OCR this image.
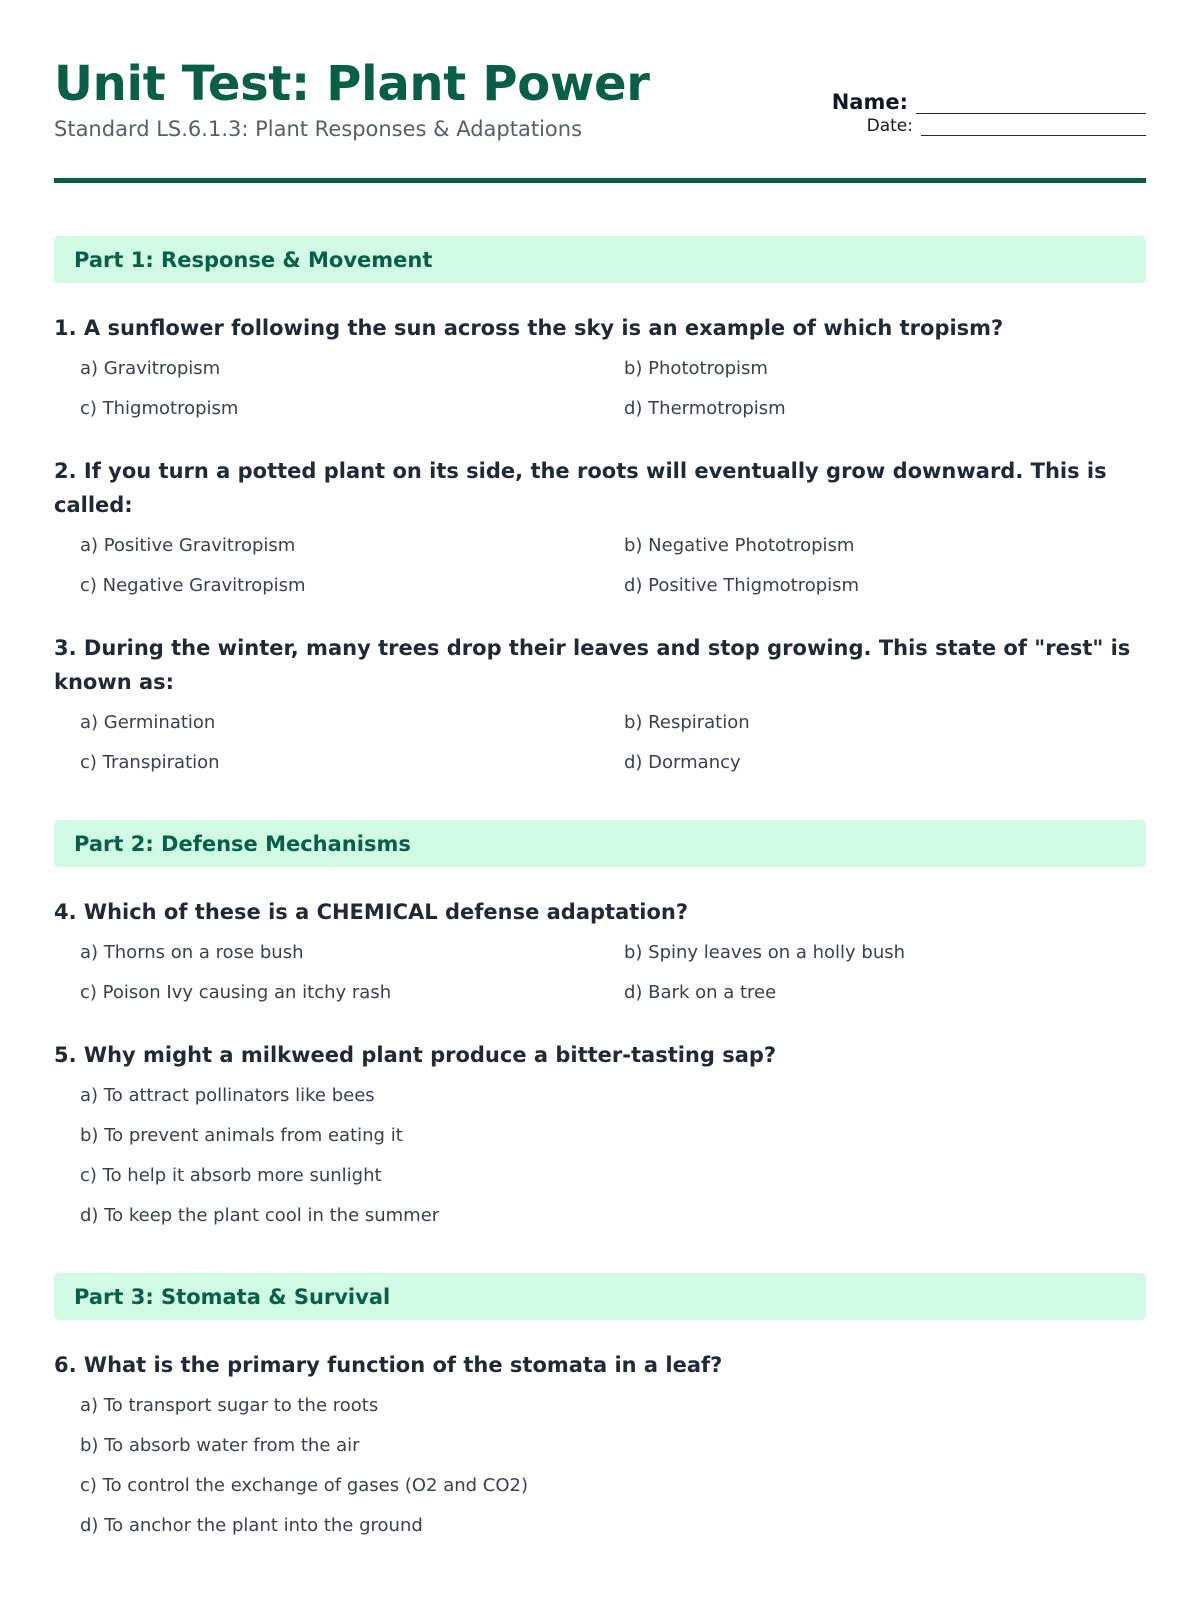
Unit Test: Plant Power
Standard LS.6.1.3: Plant Responses & Adaptations
Name:
Date:
Part 1: Response & Movement
1. A sunflower following the sun across the sky is an example of which tropism?
a) Gravitropism	b) Phototropism
c) Thigmotropism	d) Thermotropism
2. If you turn a potted plant on its side, the roots will eventually grow downward. This is called:
a) Positive Gravitropism	b) Negative Phototropism
c) Negative Gravitropism	d) Positive Thigmotropism
3. During the winter, many trees drop their leaves and stop growing. This state of "rest" is known as:
a) Germination	b) Respiration
c) Transpiration	d) Dormancy
Part 2: Defense Mechanisms
4. Which of these is a CHEMICAL defense adaptation?
a) Thorns on a rose bush	b) Spiny leaves on a holly bush
c) Poison Ivy causing an itchy rash	d) Bark on a tree
5. Why might a milkweed plant produce a bitter-tasting sap?
a) To attract pollinators like bees
b) To prevent animals from eating it
c) To help it absorb more sunlight
d) To keep the plant cool in the summer
Part 3: Stomata & Survival
6. What is the primary function of the stomata in a leaf?
a) To transport sugar to the roots
b) To absorb water from the air
c) To control the exchange of gases (O2 and CO2)
d) To anchor the plant into the ground
